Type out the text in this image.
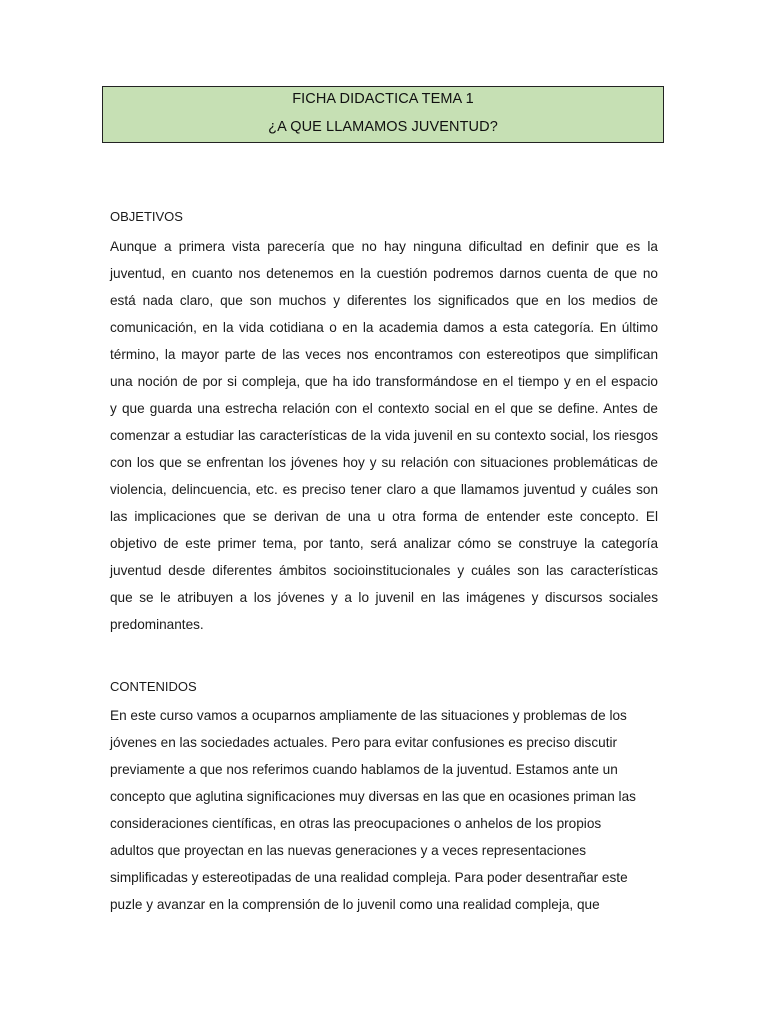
FICHA DIDACTICA TEMA 1
¿A QUE LLAMAMOS JUVENTUD?
OBJETIVOS
Aunque a primera vista parecería que no hay ninguna dificultad en definir que es la
juventud, en cuanto nos detenemos en la cuestión podremos darnos cuenta de que no
está nada claro, que son muchos y diferentes los significados que en los medios de
comunicación, en la vida cotidiana o en la academia damos a esta categoría. En último
término, la mayor parte de las veces nos encontramos con estereotipos que simplifican
una noción de por si compleja, que ha ido transformándose en el tiempo y en el espacio
y que guarda una estrecha relación con el contexto social en el que se define. Antes de
comenzar a estudiar las características de la vida juvenil en su contexto social, los riesgos
con los que se enfrentan los jóvenes hoy y su relación con situaciones problemáticas de
violencia, delincuencia, etc. es preciso tener claro a que llamamos juventud y cuáles son
las implicaciones que se derivan de una u otra forma de entender este concepto. El
objetivo de este primer tema, por tanto, será analizar cómo se construye la categoría
juventud desde diferentes ámbitos socioinstitucionales y cuáles son las características
que se le atribuyen a los jóvenes y a lo juvenil en las imágenes y discursos sociales
predominantes.
CONTENIDOS
En este curso vamos a ocuparnos ampliamente de las situaciones y problemas de los
jóvenes en las sociedades actuales. Pero para evitar confusiones es preciso discutir
previamente a que nos referimos cuando hablamos de la juventud. Estamos ante un
concepto que aglutina significaciones muy diversas en las que en ocasiones priman las
consideraciones científicas, en otras las preocupaciones o anhelos de los propios
adultos que proyectan en las nuevas generaciones y a veces representaciones
simplificadas y estereotipadas de una realidad compleja. Para poder desentrañar este
puzle y avanzar en la comprensión de lo juvenil como una realidad compleja, que
